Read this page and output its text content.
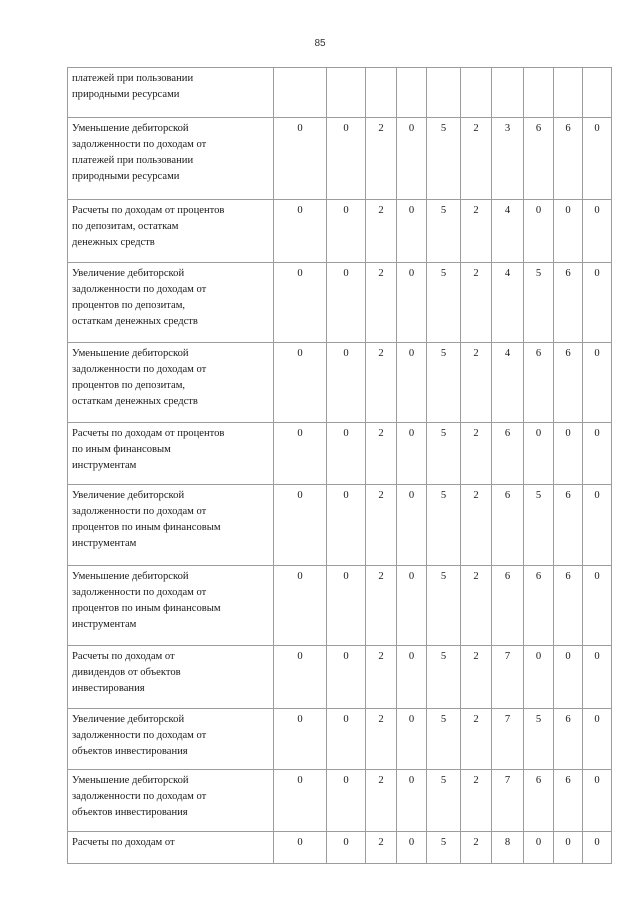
85
платежей при пользовании
природными ресурсами										
Уменьшение дебиторской
задолженности по доходам от
платежей при пользовании
природными ресурсами	0	0	2	0	5	2	3	6	6	0
Расчеты по доходам от процентов
по депозитам, остаткам
денежных средств	0	0	2	0	5	2	4	0	0	0
Увеличение дебиторской
задолженности по доходам от
процентов по депозитам,
остаткам денежных средств	0	0	2	0	5	2	4	5	6	0
Уменьшение дебиторской
задолженности по доходам от
процентов по депозитам,
остаткам денежных средств	0	0	2	0	5	2	4	6	6	0
Расчеты по доходам от процентов
по иным финансовым
инструментам	0	0	2	0	5	2	6	0	0	0
Увеличение дебиторской
задолженности по доходам от
процентов по иным финансовым
инструментам	0	0	2	0	5	2	6	5	6	0
Уменьшение дебиторской
задолженности по доходам от
процентов по иным финансовым
инструментам	0	0	2	0	5	2	6	6	6	0
Расчеты по доходам от
дивидендов от объектов
инвестирования	0	0	2	0	5	2	7	0	0	0
Увеличение дебиторской
задолженности по доходам от
объектов инвестирования	0	0	2	0	5	2	7	5	6	0
Уменьшение дебиторской
задолженности по доходам от
объектов инвестирования	0	0	2	0	5	2	7	6	6	0
Расчеты по доходам от	0	0	2	0	5	2	8	0	0	0
